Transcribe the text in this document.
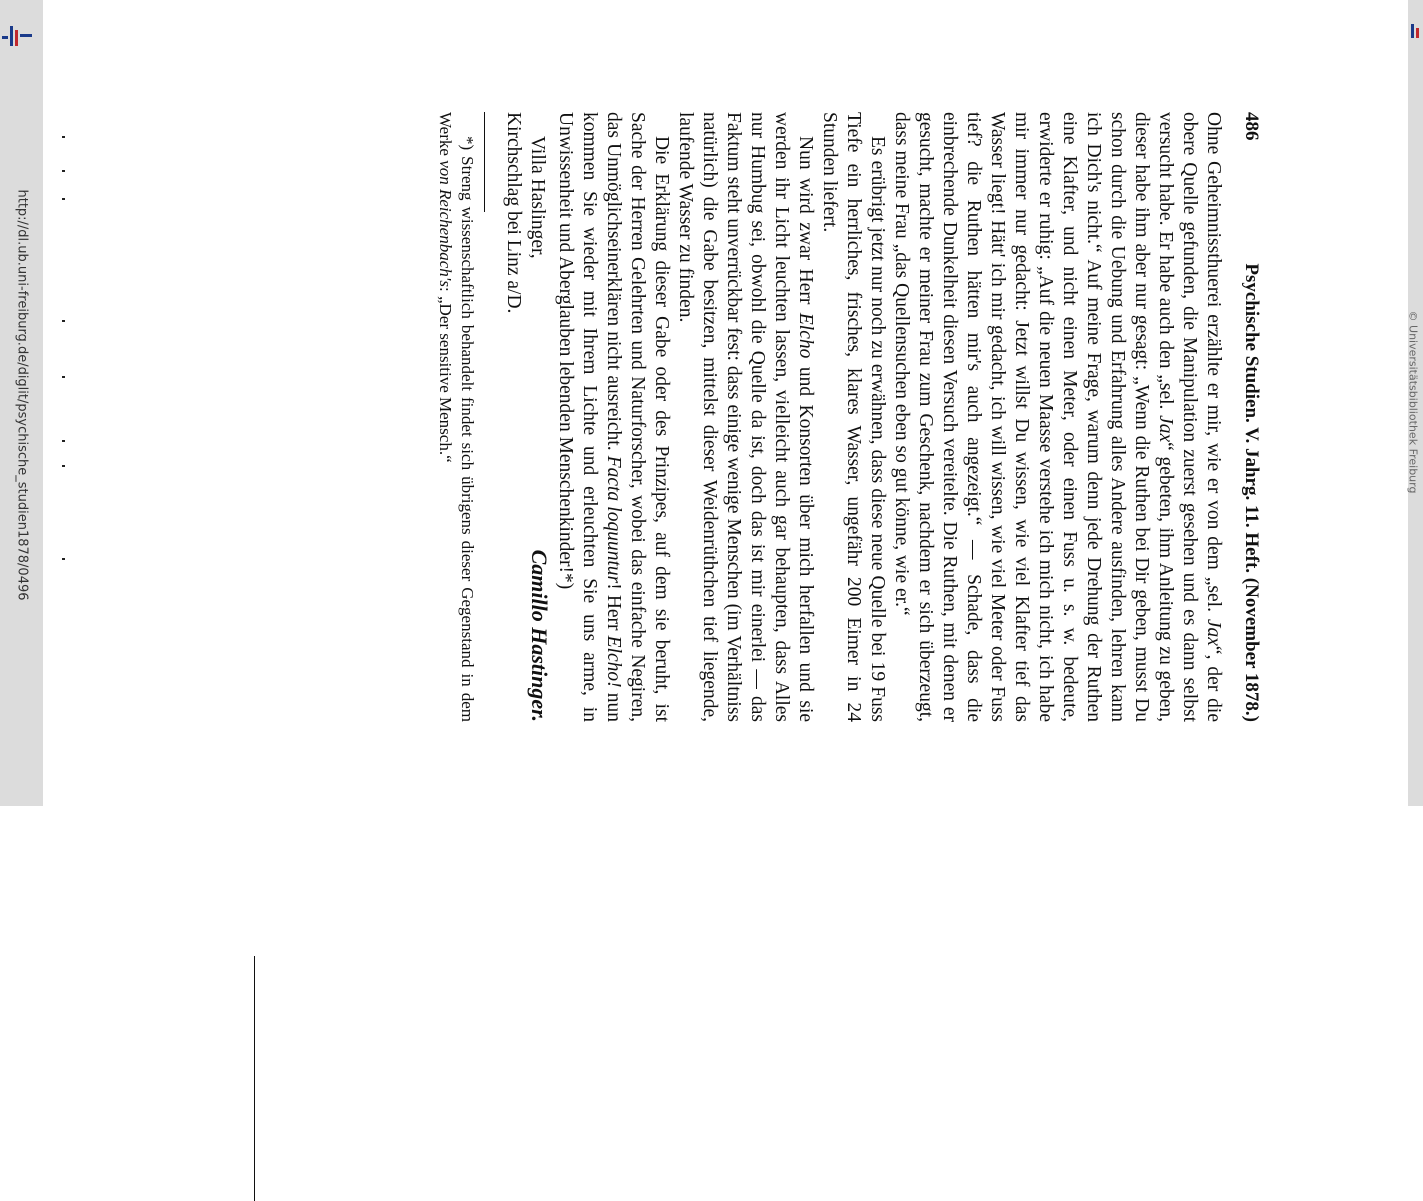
http://dl.ub.uni-freiburg.de/diglit/psychische_studien1878/0496	© Universitätsbibliothek Freiburg
486
Psychische Studien. V. Jahrg. 11. Heft. (November 1878.)

Ohne Geheimnissthuerei erzählte er mir, wie er von dem „sel. Jax“, der die obere Quelle gefunden, die Manipulation zuerst gesehen und es dann selbst versucht habe. Er habe auch den „sel. Jax“ gebeten, ihm Anleitung zu geben, dieser habe ihm aber nur gesagt: „Wenn die Ruthen bei Dir geben, musst Du schon durch die Uebung und Erfahrung alles Andere ausfinden, lehren kann ich Dich's nicht.“ Auf meine Frage, warum denn jede Drehung der Ruthen eine Klafter, und nicht einen Meter, oder einen Fuss u. s. w. bedeute, erwiderte er ruhig: „Auf die neuen Maasse verstehe ich mich nicht, ich habe mir immer nur gedacht: Jetzt willst Du wissen, wie viel Klafter tief das Wasser liegt! Hätt' ich mir gedacht, ich will wissen, wie viel Meter oder Fuss tief? die Ruthen hätten mir's auch angezeigt.“ — Schade, dass die einbrechende Dunkelheit diesen Versuch vereitelte. Die Ruthen, mit denen er gesucht, machte er meiner Frau zum Geschenk, nachdem er sich überzeugt, dass meine Frau „das Quellensuchen eben so gut könne, wie er.“

Es erübrigt jetzt nur noch zu erwähnen, dass diese neue Quelle bei 19 Fuss Tiefe ein herrliches, frisches, klares Wasser, ungefähr 200 Eimer in 24 Stunden liefert.

Nun wird zwar Herr Elcho und Konsorten über mich herfallen und sie werden ihr Licht leuchten lassen, vielleicht auch gar behaupten, dass Alles nur Humbug sei, obwohl die Quelle da ist, doch das ist mir einerlei — das Faktum steht unverrückbar fest: dass einige wenige Menschen (im Verhältniss natürlich) die Gabe besitzen, mittelst dieser Weidenrüthchen tief liegende, laufende Wasser zu finden.

Die Erklärung dieser Gabe oder des Prinzipes, auf dem sie beruht, ist Sache der Herren Gelehrten und Naturforscher, wobei das einfache Negiren, das Unmöglichseinerklären nicht ausreicht. Facta loquuntur! Herr Elcho! nun kommen Sie wieder mit Ihrem Lichte und erleuchten Sie uns arme, in Unwissenheit und Aberglauben lebenden Menschenkinder!*)

Villa Haslinger,
Camillo Hastinger.
Kirchschlag bei Linz a/D.

*) Streng wissenschaftlich behandelt findet sich übrigens dieser Gegenstand in dem Werke von Reichenbach's: „Der sensitive Mensch.“
